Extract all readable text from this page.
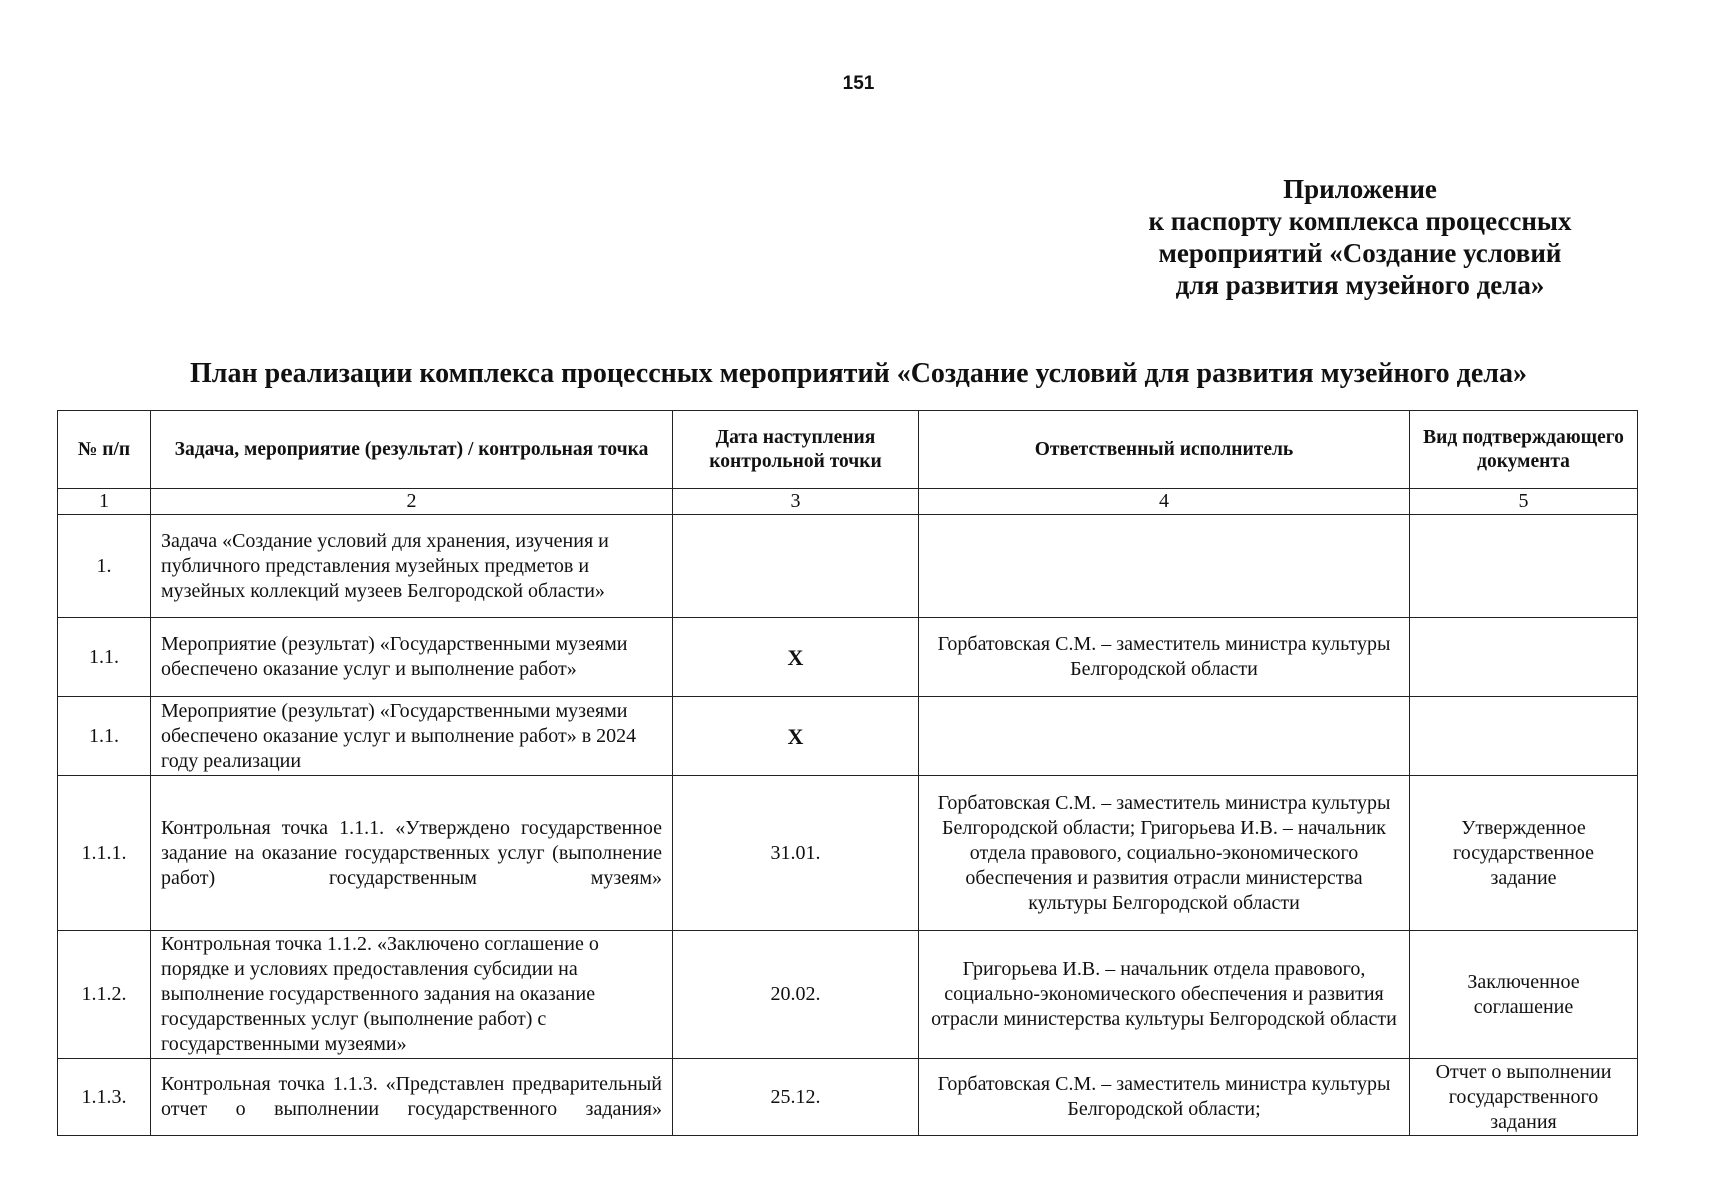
151
Приложение
к паспорту комплекса процессных
мероприятий «Создание условий
для развития музейного дела»
План реализации комплекса процессных мероприятий «Создание условий для развития музейного дела»
№ п/п	Задача, мероприятие (результат) / контрольная точка	Дата наступления контрольной точки	Ответственный исполнитель	Вид подтверждающего документа
1	2	3	4	5
1.	Задача «Создание условий для хранения, изучения и публичного представления музейных предметов и музейных коллекций музеев Белгородской области»			
1.1.	Мероприятие (результат) «Государственными музеями обеспечено оказание услуг и выполнение работ»	X	Горбатовская С.М. – заместитель министра культуры Белгородской области	
1.1.	Мероприятие (результат) «Государственными музеями обеспечено оказание услуг и выполнение работ» в 2024 году реализации	X		
1.1.1.	Контрольная точка 1.1.1. «Утверждено государственное задание на оказание государственных услуг (выполнение работ) государственным музеям»	31.01.	Горбатовская С.М. – заместитель министра культуры Белгородской области; Григорьева И.В. – начальник отдела правового, социально-экономического обеспечения и развития отрасли министерства культуры Белгородской области	Утвержденное государственное задание
1.1.2.	Контрольная точка 1.1.2. «Заключено соглашение о порядке и условиях предоставления субсидии на выполнение государственного задания на оказание государственных услуг (выполнение работ) с государственными музеями»	20.02.	Григорьева И.В. – начальник отдела правового, социально-экономического обеспечения и развития отрасли министерства культуры Белгородской области	Заключенное соглашение
1.1.3.	Контрольная точка 1.1.3. «Представлен предварительный отчет о выполнении государственного задания»	25.12.	Горбатовская С.М. – заместитель министра культуры Белгородской области;	Отчет о выполнении государственного задания
